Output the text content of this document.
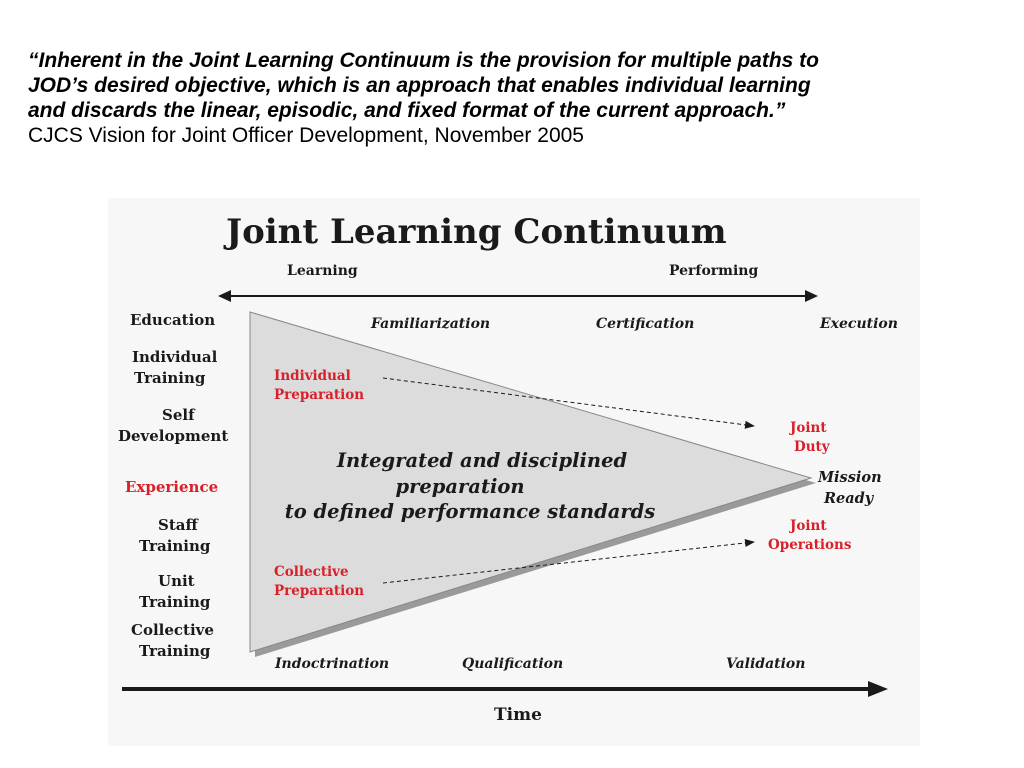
“Inherent in the Joint Learning Continuum is the provision for multiple paths to
JOD’s desired objective, which is an approach that enables individual learning
and discards the linear, episodic, and fixed format of the current approach.”
CJCS Vision for Joint Officer Development, November 2005
Joint Learning Continuum
Learning	Performing
Familiarization	Certification	Execution
Education
Individual
Training
Self
Development
Experience
Staff
Training
Unit
Training
Collective
Training
Individual
Preparation
Collective
Preparation
Integrated and disciplined
preparation
to defined performance standards
Joint
Duty
Mission
Ready
Joint
Operations
Indoctrination	Qualification	Validation
Time
